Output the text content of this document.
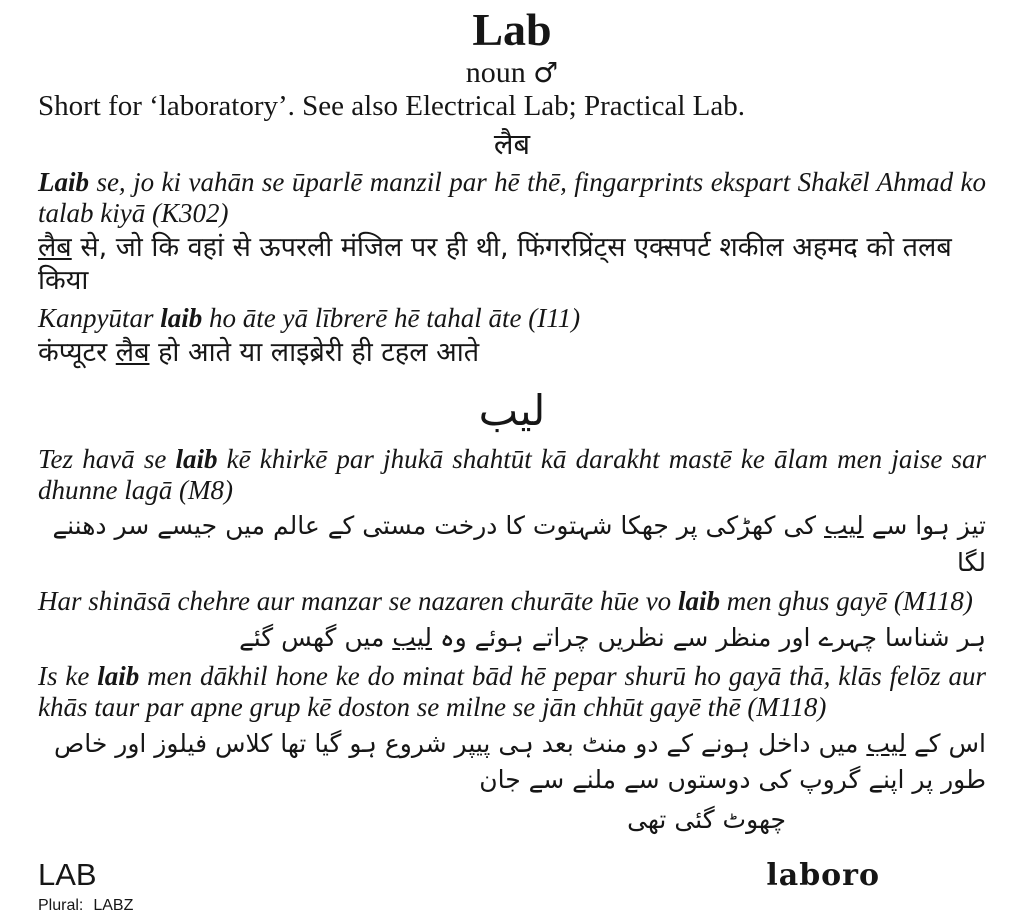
Lab
noun ♂

Short for ‘laboratory’. See also Electrical Lab; Practical Lab.

लैब

Laib se, jo ki vahān se ūparlē manzil par hē thē, fingarprints ekspart Shakēl Ahmad ko talab kiyā (K302)

लैब से, जो कि वहां से ऊपरली मंजिल पर ही थी, फिंगरप्रिंट्स एक्सपर्ट शकील अहमद को तलब किया

Kanpyūtar laib ho āte yā lībrerē hē tahal āte (I11)

कंप्यूटर लैब हो आते या लाइब्रेरी ही टहल आते

لیب

Tez havā se laib kē khirkē par jhukā shahtūt kā darakht mastē ke ālam men jaise sar dhunne lagā (M8)

تیز ہوا سے لیب کی کھڑکی پر جھکا شہتوت کا درخت مستی کے عالم میں جیسے سر دھننے لگا

Har shināsā chehre aur manzar se nazaren churāte hūe vo laib men ghus gayē (M118)

ہر شناسا چہرے اور منظر سے نظریں چراتے ہوئے وہ لیب میں گھس گئے

Is ke laib men dākhil hone ke do minat bād hē pepar shurū ho gayā thā, klās felōz aur khās taur par apne grup kē doston se milne se jān chhūt gayē thē (M118)

اس کے لیب میں داخل ہونے کے دو منٹ بعد ہی پیپر شروع ہو گیا تھا کلاس فیلوز اور خاص طور پر اپنے گروپ کی دوستوں سے ملنے سے جان

چھوٹ گئی تھی
LAB	laboro
Plural: LABZ
